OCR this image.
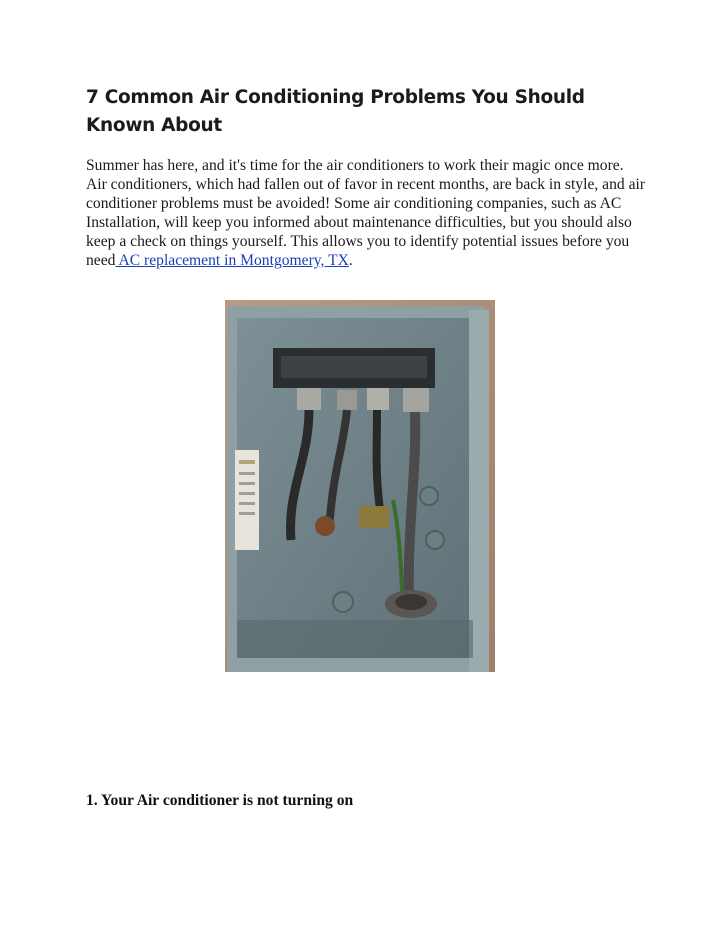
7 Common Air Conditioning Problems You Should Known About
Summer has here, and it's time for the air conditioners to work their magic once more. Air conditioners, which had fallen out of favor in recent months, are back in style, and air conditioner problems must be avoided! Some air conditioning companies, such as AC Installation, will keep you informed about maintenance difficulties, but you should also keep a check on things yourself. This allows you to identify potential issues before you need AC replacement in Montgomery, TX.
1. Your Air conditioner is not turning on
